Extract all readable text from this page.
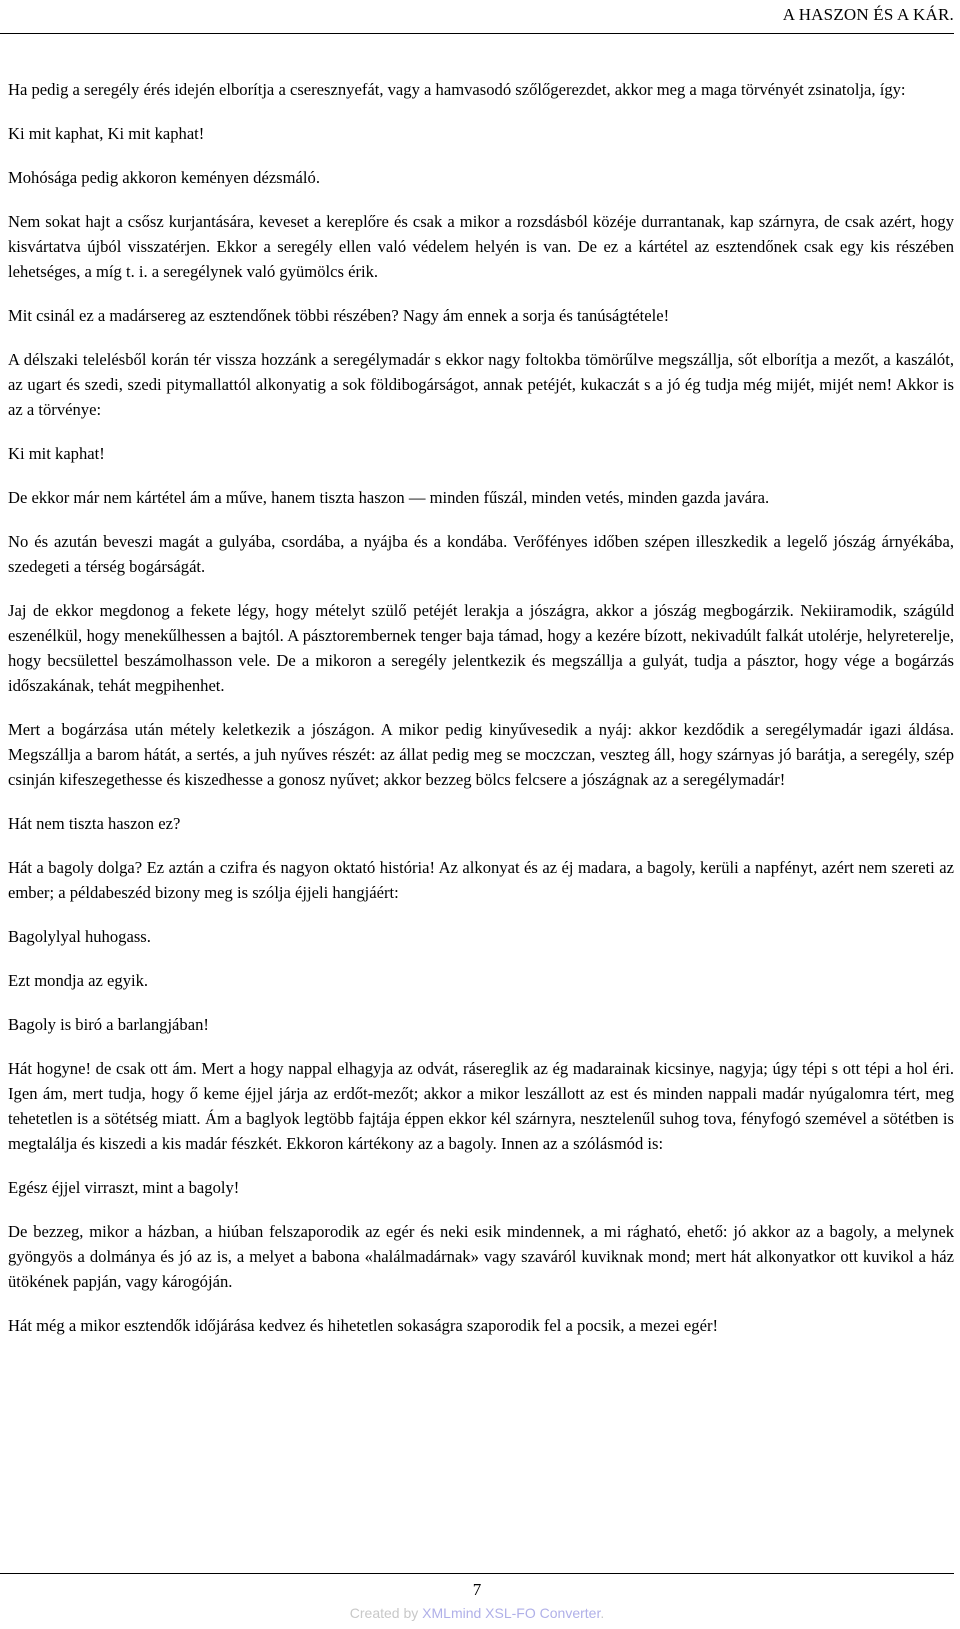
A HASZON ÉS A KÁR.

Ha pedig a seregély érés idején elborítja a cseresznyefát, vagy a hamvasodó szőlőgerezdet, akkor meg a maga törvényét zsinatolja, így:

Ki mit kaphat, Ki mit kaphat!

Mohósága pedig akkoron keményen dézsmáló.

Nem sokat hajt a csősz kurjantására, keveset a kereplőre és csak a mikor a rozsdásból közéje durrantanak, kap szárnyra, de csak azért, hogy kisvártatva újból visszatérjen. Ekkor a seregély ellen való védelem helyén is van. De ez a kártétel az esztendőnek csak egy kis részében lehetséges, a míg t. i. a seregélynek való gyümölcs érik.

Mit csinál ez a madársereg az esztendőnek többi részében? Nagy ám ennek a sorja és tanúságtétele!

A délszaki telelésből korán tér vissza hozzánk a seregélymadár s ekkor nagy foltokba tömörűlve megszállja, sőt elborítja a mezőt, a kaszálót, az ugart és szedi, szedi pitymallattól alkonyatig a sok földibogárságot, annak petéjét, kukaczát s a jó ég tudja még mijét, mijét nem! Akkor is az a törvénye:

Ki mit kaphat!

De ekkor már nem kártétel ám a műve, hanem tiszta haszon — minden fűszál, minden vetés, minden gazda javára.

No és azután beveszi magát a gulyába, csordába, a nyájba és a kondába. Verőfényes időben szépen illeszkedik a legelő jószág árnyékába, szedegeti a térség bogárságát.

Jaj de ekkor megdonog a fekete légy, hogy mételyt szülő petéjét lerakja a jószágra, akkor a jószág megbogárzik. Nekiiramodik, szágúld eszenélkül, hogy menekűlhessen a bajtól. A pásztorembernek tenger baja támad, hogy a kezére bízott, nekivadúlt falkát utolérje, helyreterelje, hogy becsülettel beszámolhasson vele. De a mikoron a seregély jelentkezik és megszállja a gulyát, tudja a pásztor, hogy vége a bogárzás időszakának, tehát megpihenhet.

Mert a bogárzása után métely keletkezik a jószágon. A mikor pedig kinyűvesedik a nyáj: akkor kezdődik a seregélymadár igazi áldása. Megszállja a barom hátát, a sertés, a juh nyűves részét: az állat pedig meg se moczczan, veszteg áll, hogy szárnyas jó barátja, a seregély, szép csinján kifeszegethesse és kiszedhesse a gonosz nyűvet; akkor bezzeg bölcs felcsere a jószágnak az a seregélymadár!

Hát nem tiszta haszon ez?

Hát a bagoly dolga? Ez aztán a czifra és nagyon oktató história! Az alkonyat és az éj madara, a bagoly, kerüli a napfényt, azért nem szereti az ember; a példabeszéd bizony meg is szólja éjjeli hangjáért:

Bagolylyal huhogass.

Ezt mondja az egyik.

Bagoly is biró a barlangjában!

Hát hogyne! de csak ott ám. Mert a hogy nappal elhagyja az odvát, rásereglik az ég madarainak kicsinye, nagyja; úgy tépi s ott tépi a hol éri. Igen ám, mert tudja, hogy ő keme éjjel járja az erdőt-mezőt; akkor a mikor leszállott az est és minden nappali madár nyúgalomra tért, meg tehetetlen is a sötétség miatt. Ám a baglyok legtöbb fajtája éppen ekkor kél szárnyra, nesztelenűl suhog tova, fényfogó szemével a sötétben is megtalálja és kiszedi a kis madár fészkét. Ekkoron kártékony az a bagoly. Innen az a szólásmód is:

Egész éjjel virraszt, mint a bagoly!

De bezzeg, mikor a házban, a hiúban felszaporodik az egér és neki esik mindennek, a mi rágható, ehető: jó akkor az a bagoly, a melynek gyöngyös a dolmánya és jó az is, a melyet a babona «halálmadárnak» vagy szaváról kuviknak mond; mert hát alkonyatkor ott kuvikol a ház ütökének papján, vagy károgóján.

Hát még a mikor esztendők időjárása kedvez és hihetetlen sokaságra szaporodik fel a pocsik, a mezei egér!

7
Created by XMLmind XSL-FO Converter.
